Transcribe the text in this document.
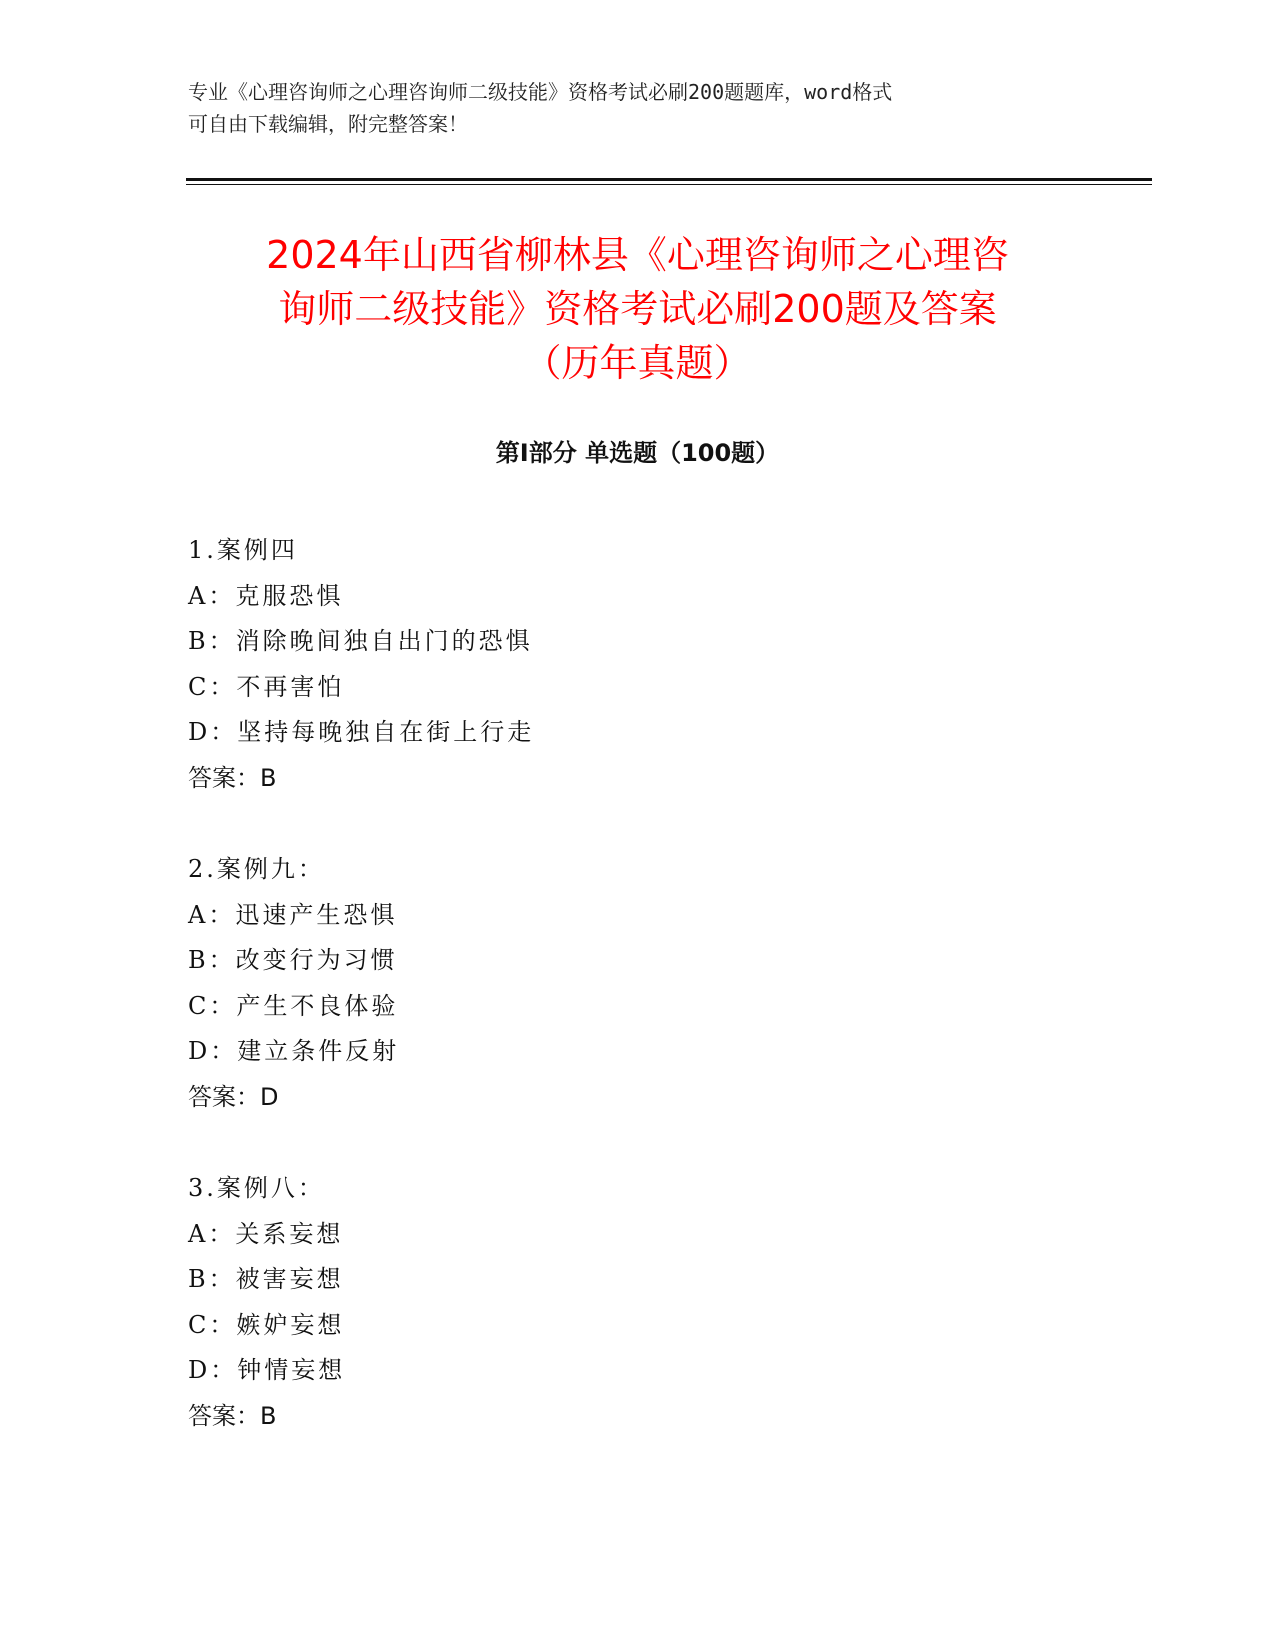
专业《心理咨询师之心理咨询师二级技能》资格考试必刷200题题库，word格式
可自由下载编辑，附完整答案！
2024年山西省柳林县《心理咨询师之心理咨
询师二级技能》资格考试必刷200题及答案
（历年真题）
第Ⅰ部分 单选题（100题）
1.案例四
A：克服恐惧
B：消除晚间独自出门的恐惧
C：不再害怕
D：坚持每晚独自在街上行走
答案：B
2.案例九：
A：迅速产生恐惧
B：改变行为习惯
C：产生不良体验
D：建立条件反射
答案：D
3.案例八：
A：关系妄想
B：被害妄想
C：嫉妒妄想
D：钟情妄想
答案：B
